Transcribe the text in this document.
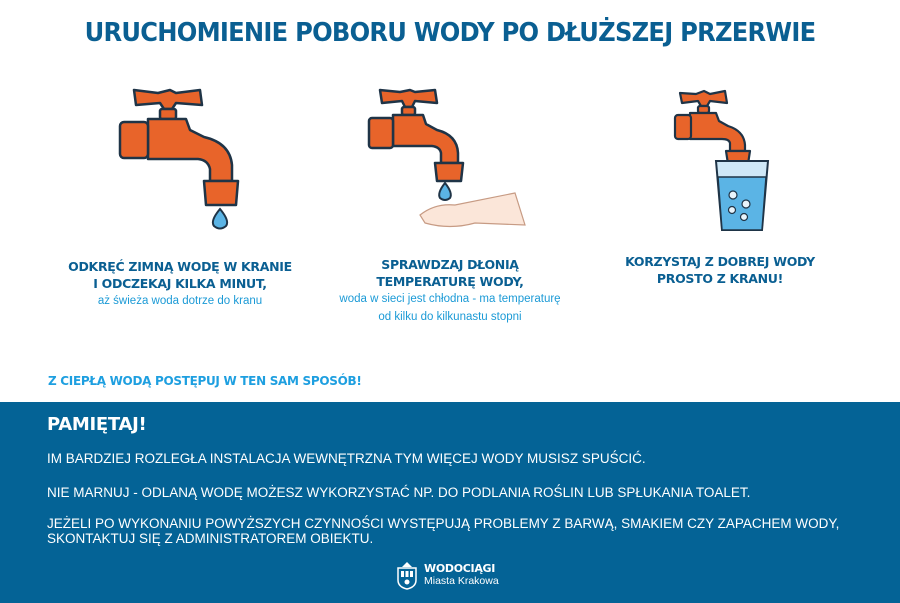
URUCHOMIENIE POBORU WODY PO DŁUŻSZEJ PRZERWIE
ODKRĘĆ ZIMNĄ WODĘ W KRANIE
I ODCZEKAJ KILKA MINUT,
aż świeża woda dotrze do kranu
SPRAWDZAJ DŁONIĄ
TEMPERATURĘ WODY,
woda w sieci jest chłodna - ma temperaturę
od kilku do kilkunastu stopni
KORZYSTAJ Z DOBREJ WODY
PROSTO Z KRANU!
Z CIEPŁĄ WODĄ POSTĘPUJ W TEN SAM SPOSÓB!
PAMIĘTAJ!
IM BARDZIEJ ROZLEGŁA INSTALACJA WEWNĘTRZNA TYM WIĘCEJ WODY MUSISZ SPUŚCIĆ.
NIE MARNUJ - ODLANĄ WODĘ MOŻESZ WYKORZYSTAĆ NP. DO PODLANIA ROŚLIN LUB SPŁUKANIA TOALET.
JEŻELI PO WYKONANIU POWYŻSZYCH CZYNNOŚCI WYSTĘPUJĄ PROBLEMY Z BARWĄ, SMAKIEM CZY ZAPACHEM WODY,
SKONTAKTUJ SIĘ Z ADMINISTRATOREM OBIEKTU.
WODOCIĄGI
Miasta Krakowa
